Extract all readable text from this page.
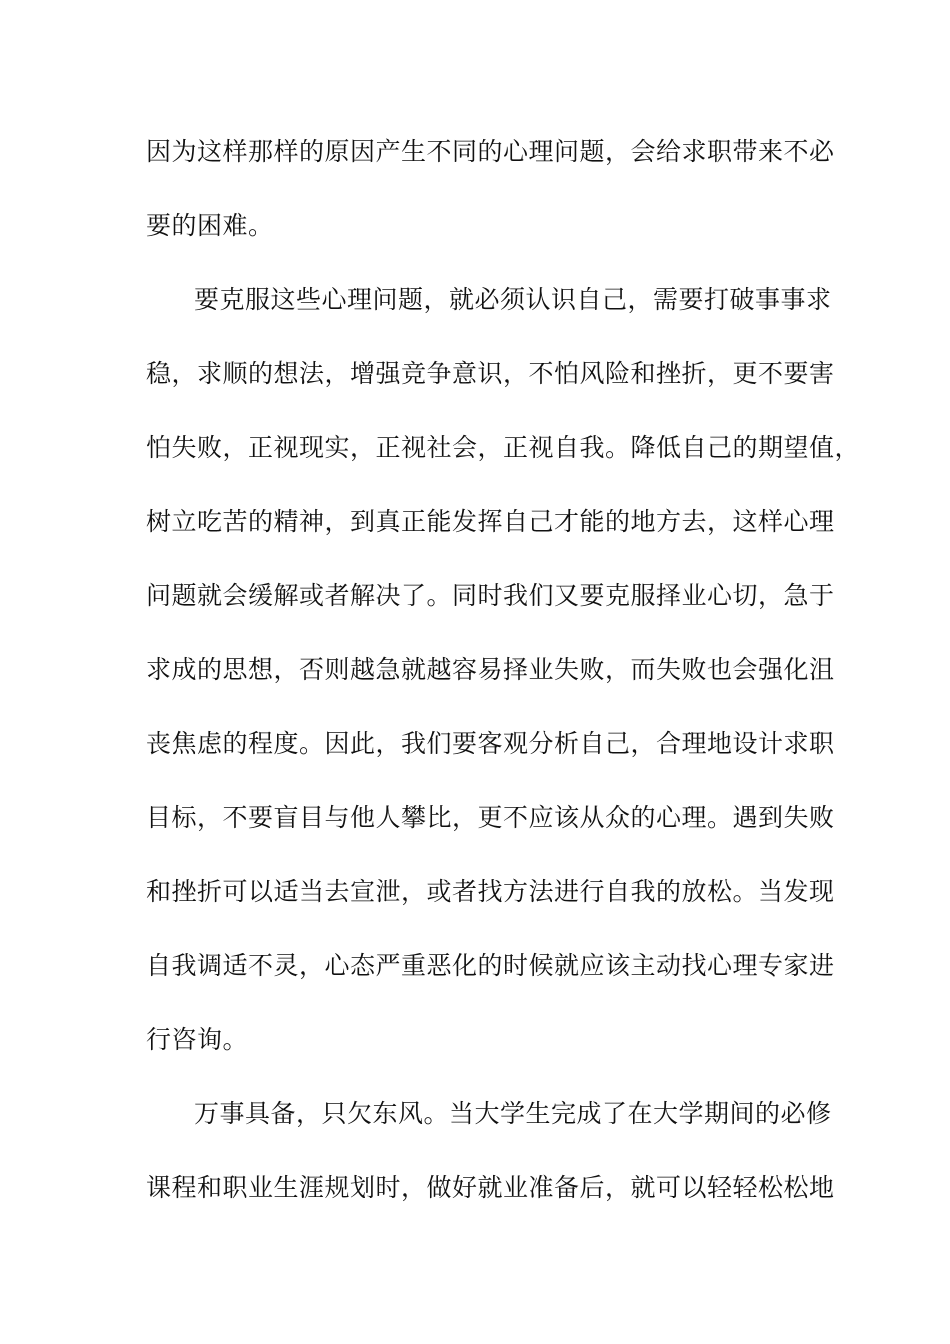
因为这样那样的原因产生不同的心理问题，会给求职带来不必
要的困难。
要克服这些心理问题，就必须认识自己，需要打破事事求
稳，求顺的想法，增强竞争意识，不怕风险和挫折，更不要害
怕失败，正视现实，正视社会，正视自我。降低自己的期望值，
树立吃苦的精神，到真正能发挥自己才能的地方去，这样心理
问题就会缓解或者解决了。同时我们又要克服择业心切，急于
求成的思想，否则越急就越容易择业失败，而失败也会强化沮
丧焦虑的程度。因此，我们要客观分析自己，合理地设计求职
目标，不要盲目与他人攀比，更不应该从众的心理。遇到失败
和挫折可以适当去宣泄，或者找方法进行自我的放松。当发现
自我调适不灵，心态严重恶化的时候就应该主动找心理专家进
行咨询。
万事具备，只欠东风。当大学生完成了在大学期间的必修
课程和职业生涯规划时，做好就业准备后，就可以轻轻松松地
